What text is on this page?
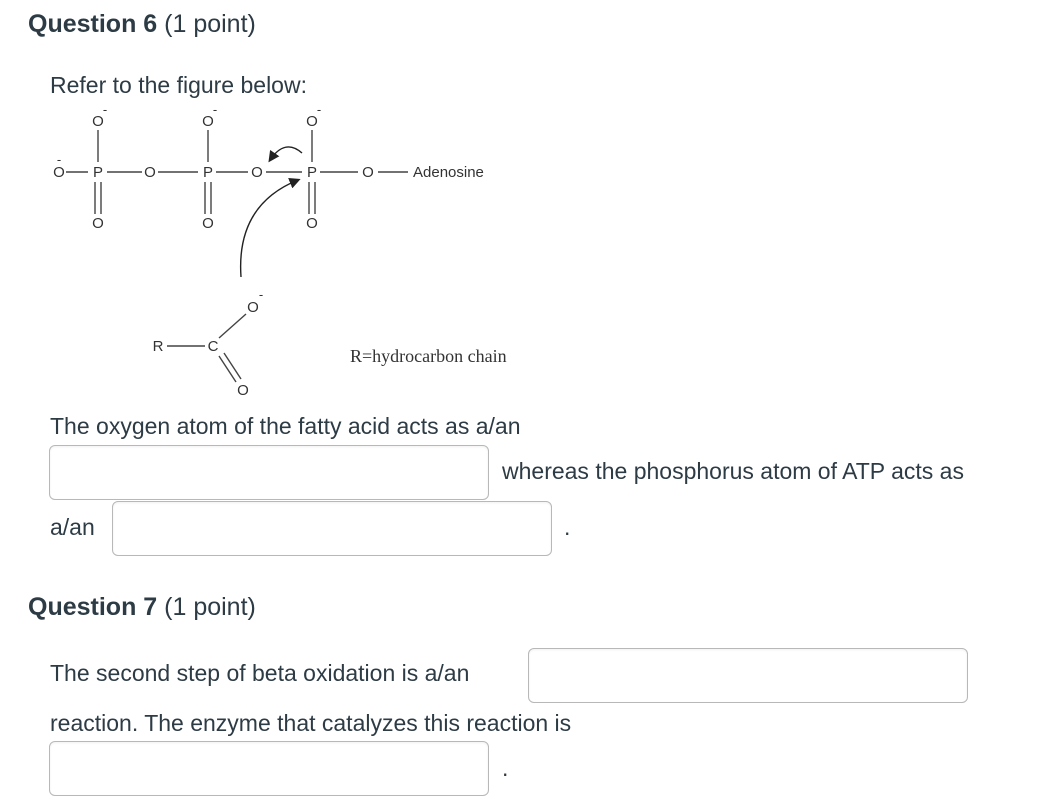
Question 6 (1 point)
Refer to the figure below:
O	O	O
O P	O	P	O	P	O
O	O	O
O
R	C
O
-	-	-
-
-
Adenosine
R=hydrocarbon chain
The oxygen atom of the fatty acid acts as a/an
whereas the phosphorus atom of ATP acts as
a/an	.
Question 7 (1 point)
The second step of beta oxidation is a/an
reaction. The enzyme that catalyzes this reaction is
.
